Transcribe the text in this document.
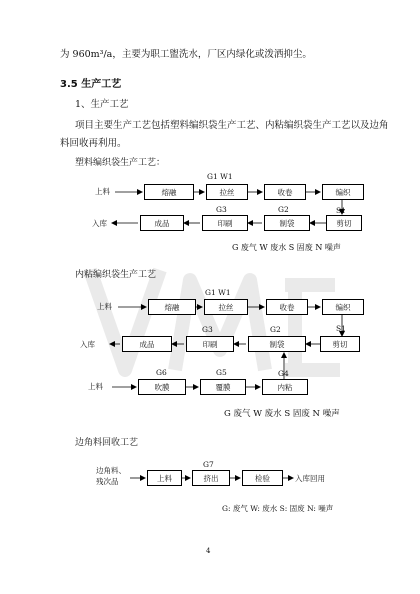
为 960m³/a，主要为职工盥洗水，厂区内绿化或泼洒抑尘。
3.5 生产工艺
1、生产工艺
项目主要生产工艺包括塑料编织袋生产工艺、内粘编织袋生产工艺以及边角
料回收再利用。
塑料编织袋生产工艺：
上料	熔融	拉丝	收卷	编织
G1 W1
剪切
S1
制袋
G2
印刷
G3
成品
入库
G 废气 W 废水 S 固废 N 噪声
内粘编织袋生产工艺
上料	熔融	拉丝	收卷	编织
G1 W1
剪切
S1
制袋
G2
印刷
G3
成品
入库
上料	吹膜
G6
覆膜
G5
内粘
G4
G 废气 W 废水 S 固废 N 噪声
边角料回收工艺
边角料、
残次品	上料	挤出
G7
检验	入库回用
G: 废气 W: 废水 S: 固废 N: 噪声
4
